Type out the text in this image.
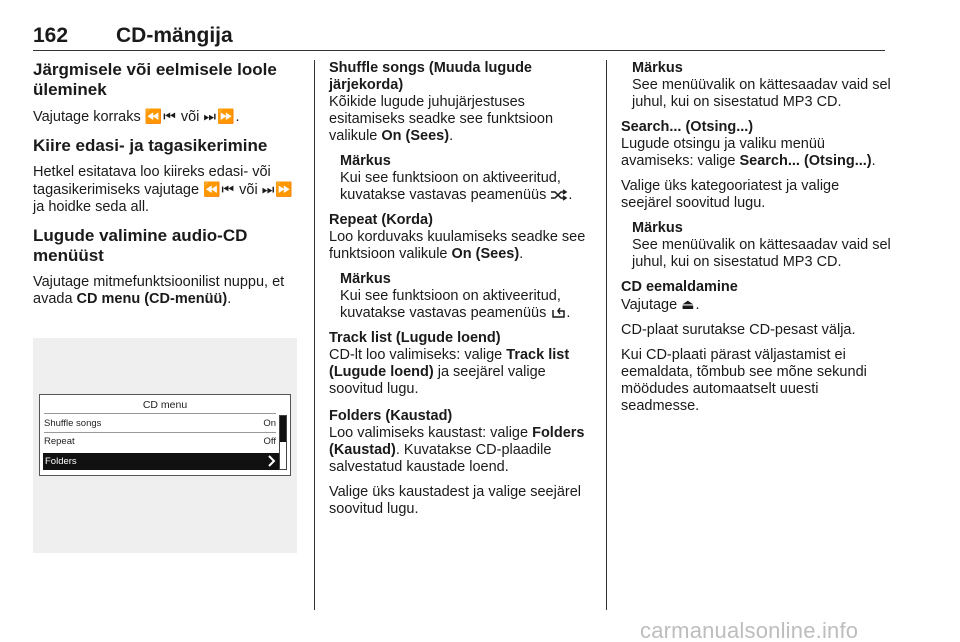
162 CD-mängija
Järgmisele või eelmisele loole üleminek
Vajutage korraks ⏪⏮ või ⏭⏩.
Kiire edasi- ja tagasikerimine
Hetkel esitatava loo kiireks edasi- või tagasikerimiseks vajutage ⏪⏮ või ⏭⏩ ja hoidke seda all.
Lugude valimine audio-CD menüüst
Vajutage mitmefunktsioonilist nuppu, et avada CD menu (CD-menüü).
CD menu
Shuffle songs	On
Repeat	Off
Folders
Shuffle songs (Muuda lugude järjekorda)
Kõikide lugude juhujärjestuses esitamiseks seadke see funktsioon valikule On (Sees).
Märkus
Kui see funktsioon on aktiveeritud, kuvatakse vastavas peamenüüs .
Repeat (Korda)
Loo korduvaks kuulamiseks seadke see funktsioon valikule On (Sees).
Märkus
Kui see funktsioon on aktiveeritud, kuvatakse vastavas peamenüüs .
Track list (Lugude loend)
CD-lt loo valimiseks: valige Track list (Lugude loend) ja seejärel valige soovitud lugu.
Folders (Kaustad)
Loo valimiseks kaustast: valige Folders (Kaustad). Kuvatakse CD-plaadile salvestatud kaustade loend.
Valige üks kaustadest ja valige seejärel soovitud lugu.
Märkus
See menüüvalik on kättesaadav vaid sel juhul, kui on sisestatud MP3 CD.
Search... (Otsing...)
Lugude otsingu ja valiku menüü avamiseks: valige Search... (Otsing...).
Valige üks kategooriatest ja valige seejärel soovitud lugu.
Märkus
See menüüvalik on kättesaadav vaid sel juhul, kui on sisestatud MP3 CD.
CD eemaldamine
Vajutage ⏏.
CD-plaat surutakse CD-pesast välja.
Kui CD-plaati pärast väljastamist ei eemaldata, tõmbub see mõne sekundi möödudes automaatselt uuesti seadmesse.
carmanualsonline.info
